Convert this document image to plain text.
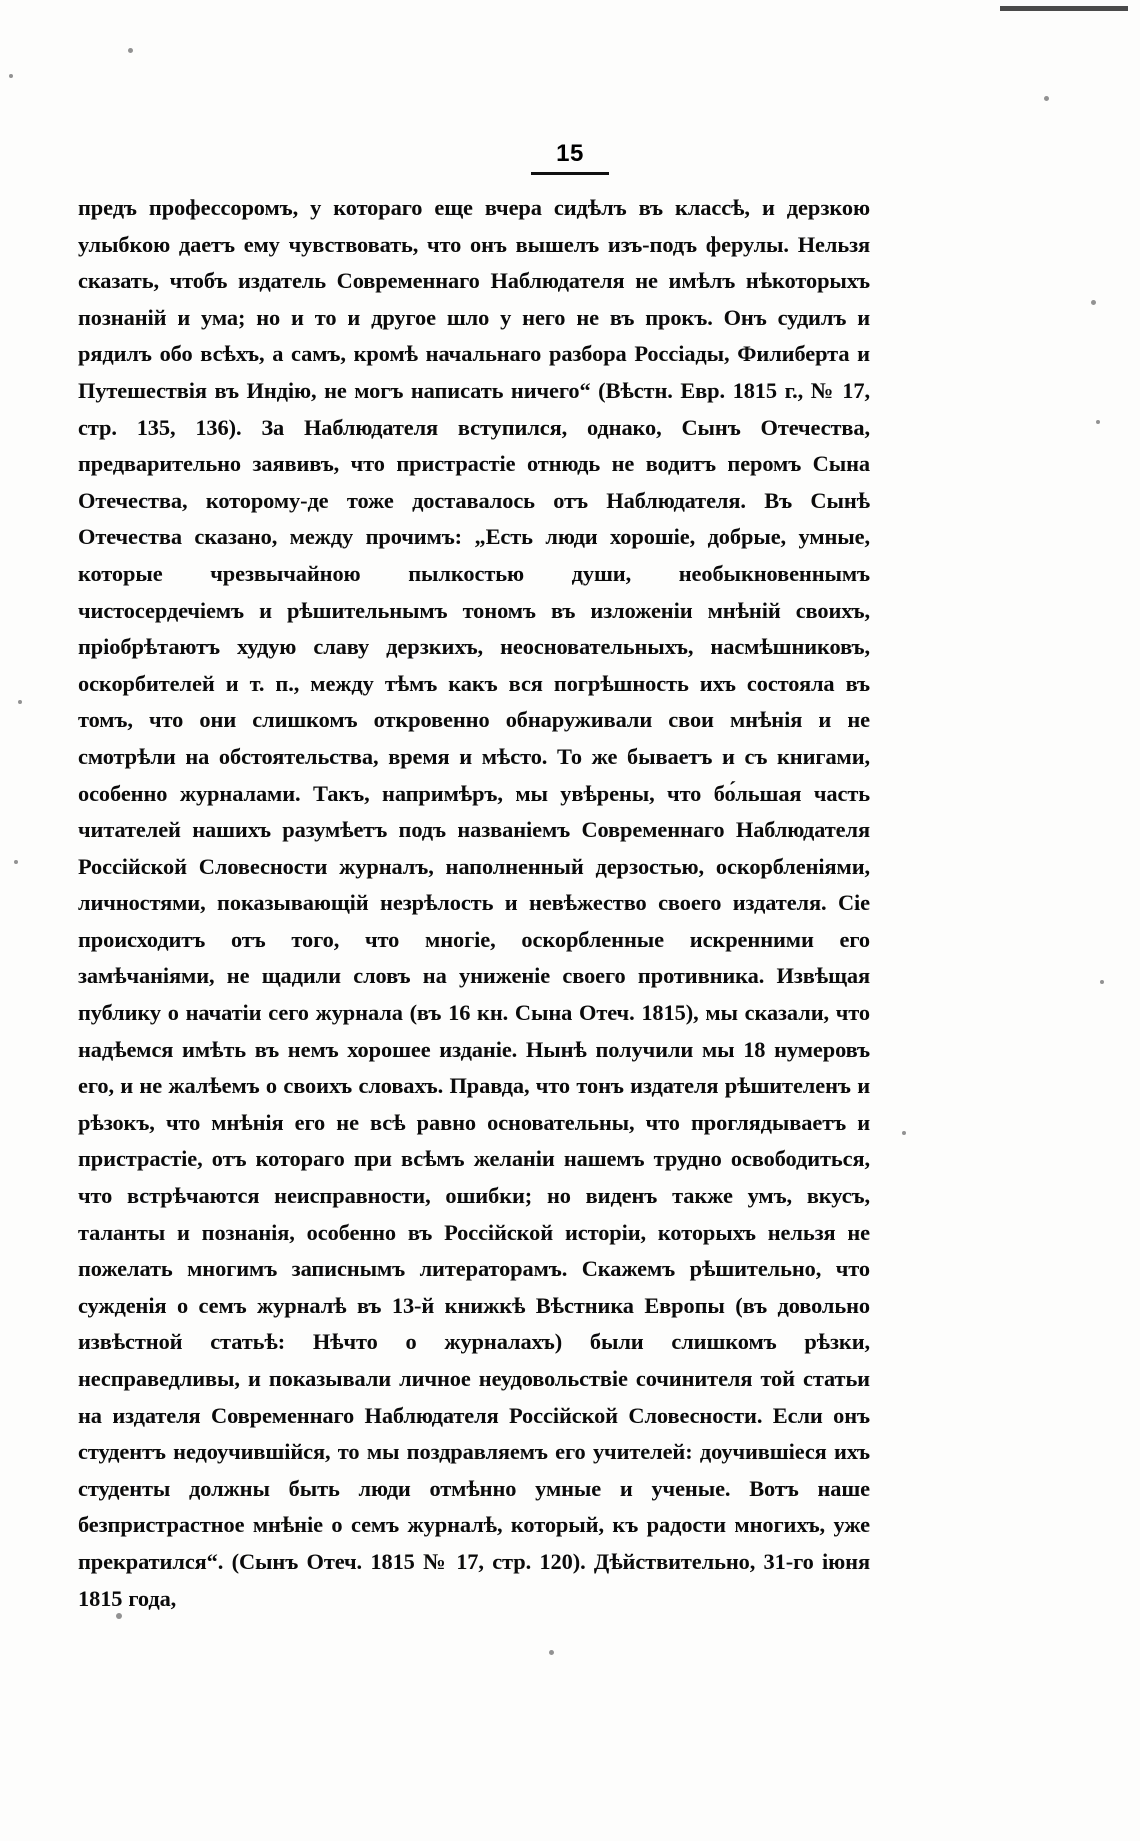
15

предъ профессоромъ, у котораго еще вчера сидѣлъ въ классѣ, и дерзкою улыбкою даетъ ему чувствовать, что онъ вышелъ изъ-подъ ферулы. Нельзя сказать, чтобъ издатель Современнаго Наблюдателя не имѣлъ нѣкоторыхъ познаній и ума; но и то и другое шло у него не въ прокъ. Онъ судилъ и рядилъ обо всѣхъ, а самъ, кромѣ начальнаго разбора Россіады, Филиберта и Путешествія въ Индію, не могъ написать ничего“ (Вѣстн. Евр. 1815 г., № 17, стр. 135, 136). За Наблюдателя вступился, однако, Сынъ Отечества, предварительно заявивъ, что пристрастіе отнюдь не водитъ перомъ Сына Отечества, которому-де тоже доставалось отъ Наблюдателя. Въ Сынѣ Отечества сказано, между прочимъ: „Есть люди хорошіе, добрые, умные, которые чрезвычайною пылкостью души, необыкновеннымъ чистосердечіемъ и рѣшительнымъ тономъ въ изложеніи мнѣній своихъ, пріобрѣтаютъ худую славу дерзкихъ, неосновательныхъ, насмѣшниковъ, оскорбителей и т. п., между тѣмъ какъ вся погрѣшность ихъ состояла въ томъ, что они слишкомъ откровенно обнаруживали свои мнѣнія и не смотрѣли на обстоятельства, время и мѣсто. То же бываетъ и съ книгами, особенно журналами. Такъ, напримѣръ, мы увѣрены, что бо́льшая часть читателей нашихъ разумѣетъ подъ названіемъ Современнаго Наблюдателя Россійской Словесности журналъ, наполненный дерзостью, оскорбленіями, личностями, показывающій незрѣлость и невѣжество своего издателя. Сіе происходитъ отъ того, что многіе, оскорбленные искренними его замѣчаніями, не щадили словъ на униженіе своего противника. Извѣщая публику о начатіи сего журнала (въ 16 кн. Сына Отеч. 1815), мы сказали, что надѣемся имѣть въ немъ хорошее изданіе. Нынѣ получили мы 18 нумеровъ его, и не жалѣемъ о своихъ словахъ. Правда, что тонъ издателя рѣшителенъ и рѣзокъ, что мнѣнія его не всѣ равно основательны, что проглядываетъ и пристрастіе, отъ котораго при всѣмъ желаніи нашемъ трудно освободиться, что встрѣчаются неисправности, ошибки; но виденъ также умъ, вкусъ, таланты и познанія, особенно въ Россійской исторіи, которыхъ нельзя не пожелать многимъ записнымъ литераторамъ. Скажемъ рѣшительно, что сужденія о семъ журналѣ въ 13-й книжкѣ Вѣстника Европы (въ довольно извѣстной статьѣ: Нѣчто о журналахъ) были слишкомъ рѣзки, несправедливы, и показывали личное неудовольствіе сочинителя той статьи на издателя Современнаго Наблюдателя Россійской Словесности. Если онъ студентъ недоучившійся, то мы поздравляемъ его учителей: доучившіеся ихъ студенты должны быть люди отмѣнно умные и ученые. Вотъ наше безпристрастное мнѣніе о семъ журналѣ, который, къ радости многихъ, уже прекратился“. (Сынъ Отеч. 1815 № 17, стр. 120). Дѣйствительно, 31-го іюня 1815 года,
